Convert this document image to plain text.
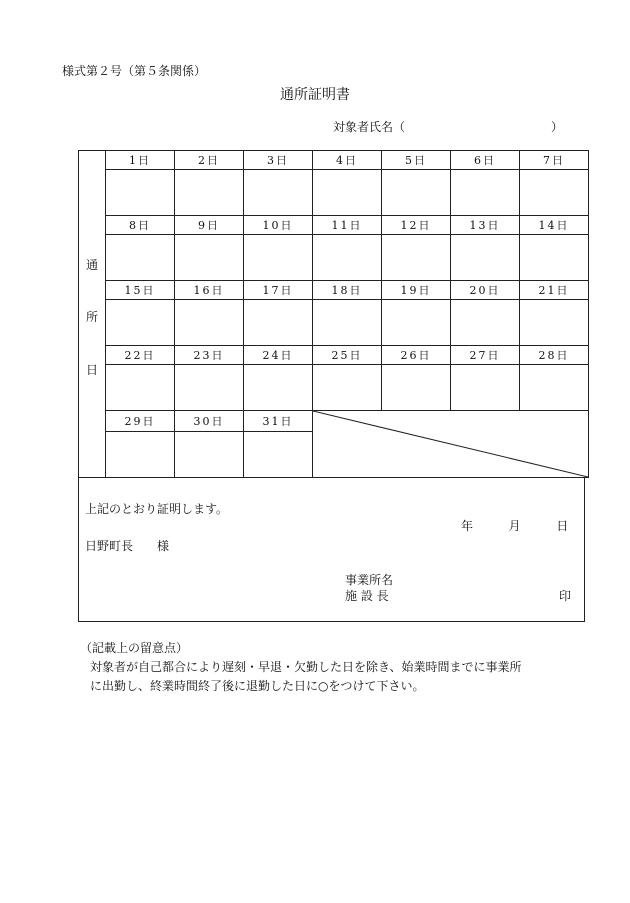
様式第２号（第５条関係）
通所証明書
対象者氏名（	）
通
所
日	1日	2日	3日	4日	5日	6日	7日

	8日	9日	10日	11日	12日	13日	14日

	15日	16日	17日	18日	19日	20日	21日

	22日	23日	24日	25日	26日	27日	28日

	29日	30日	31日	

上記のとおり証明します。
年	月	日
日野町長　　様
事業所名
施 設 長	印
（記載上の留意点）
対象者が自己都合により遅刻・早退・欠勤した日を除き、始業時間までに事業所
に出勤し、終業時間終了後に退勤した日に○をつけて下さい。
